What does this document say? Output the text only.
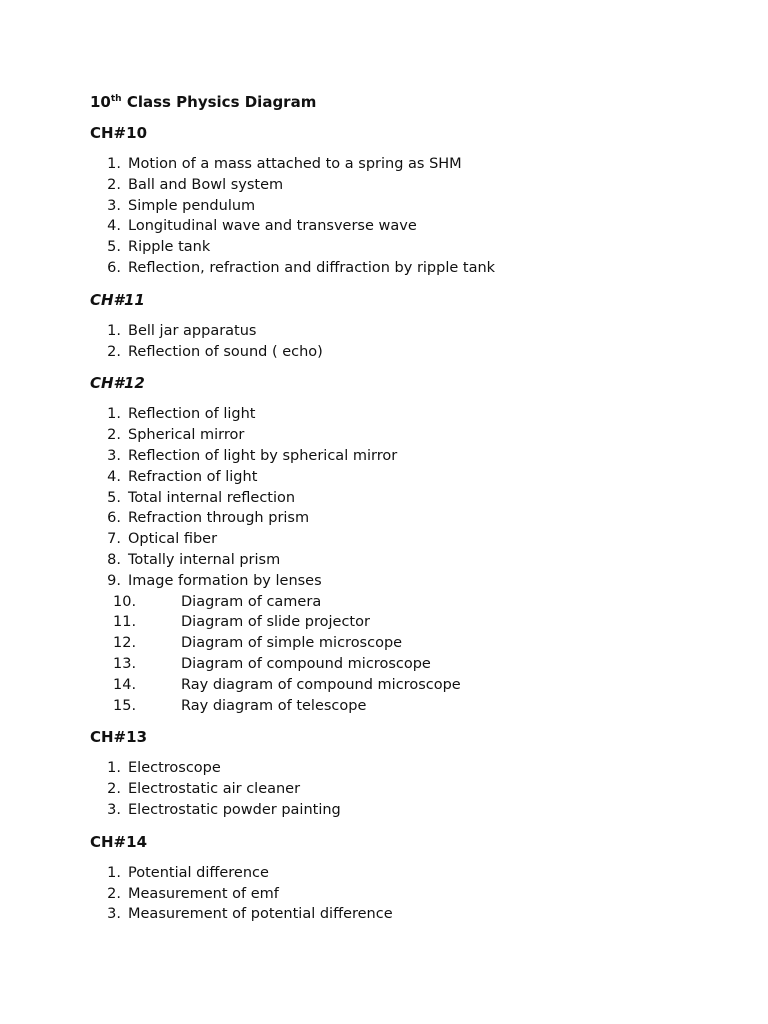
10th Class Physics Diagram
CH#10
1. Motion of a mass attached to a spring as SHM
2. Ball and Bowl system
3. Simple pendulum
4. Longitudinal wave and transverse wave
5. Ripple tank
6. Reflection, refraction and diffraction by ripple tank
CH#11
1. Bell jar apparatus
2. Reflection of sound ( echo)
CH#12
1. Reflection of light
2. Spherical mirror
3. Reflection of light by spherical mirror
4. Refraction of light
5. Total internal reflection
6. Refraction through prism
7. Optical fiber
8. Totally internal prism
9. Image formation by lenses
10.	Diagram of camera
11.	Diagram of slide projector
12.	Diagram of simple microscope
13.	Diagram of compound microscope
14.	Ray diagram of compound microscope
15.	Ray diagram of telescope
CH#13
1. Electroscope
2. Electrostatic air cleaner
3. Electrostatic powder painting
CH#14
1. Potential difference
2. Measurement of emf
3. Measurement of potential difference
